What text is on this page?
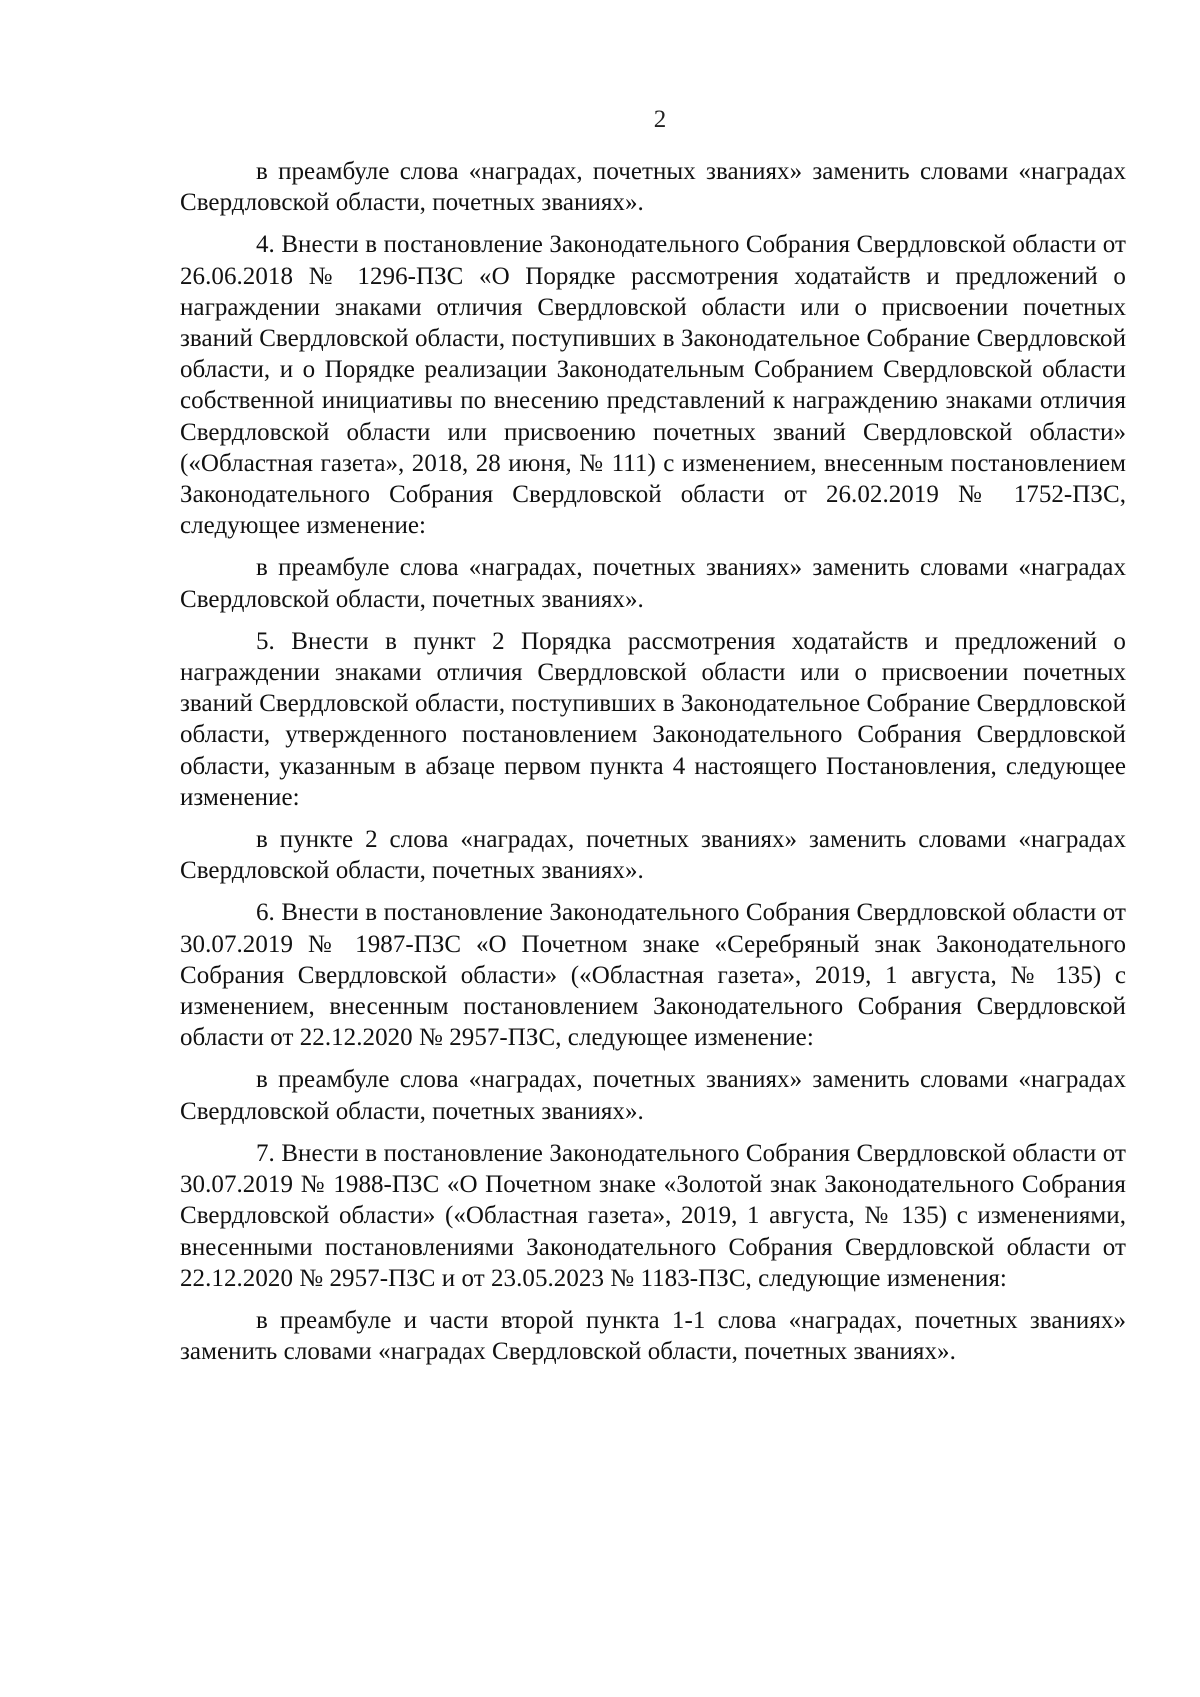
2

в преамбуле слова «наградах, почетных званиях» заменить словами «наградах Свердловской области, почетных званиях».

4. Внести в постановление Законодательного Собрания Свердловской области от 26.06.2018 № 1296-ПЗС «О Порядке рассмотрения ходатайств и предложений о награждении знаками отличия Свердловской области или о присвоении почетных званий Свердловской области, поступивших в Законодательное Собрание Свердловской области, и о Порядке реализации Законодательным Собранием Свердловской области собственной инициативы по внесению представлений к награждению знаками отличия Свердловской области или присвоению почетных званий Свердловской области» («Областная газета», 2018, 28 июня, № 111) с изменением, внесенным постановлением Законодательного Собрания Свердловской области от 26.02.2019 № 1752-ПЗС, следующее изменение:

в преамбуле слова «наградах, почетных званиях» заменить словами «наградах Свердловской области, почетных званиях».

5. Внести в пункт 2 Порядка рассмотрения ходатайств и предложений о награждении знаками отличия Свердловской области или о присвоении почетных званий Свердловской области, поступивших в Законодательное Собрание Свердловской области, утвержденного постановлением Законодательного Собрания Свердловской области, указанным в абзаце первом пункта 4 настоящего Постановления, следующее изменение:

в пункте 2 слова «наградах, почетных званиях» заменить словами «наградах Свердловской области, почетных званиях».

6. Внести в постановление Законодательного Собрания Свердловской области от 30.07.2019 № 1987-ПЗС «О Почетном знаке «Серебряный знак Законодательного Собрания Свердловской области» («Областная газета», 2019, 1 августа, № 135) с изменением, внесенным постановлением Законодательного Собрания Свердловской области от 22.12.2020 № 2957-ПЗС, следующее изменение:

в преамбуле слова «наградах, почетных званиях» заменить словами «наградах Свердловской области, почетных званиях».

7. Внести в постановление Законодательного Собрания Свердловской области от 30.07.2019 № 1988-ПЗС «О Почетном знаке «Золотой знак Законодательного Собрания Свердловской области» («Областная газета», 2019, 1 августа, № 135) с изменениями, внесенными постановлениями Законодательного Собрания Свердловской области от 22.12.2020 № 2957-ПЗС и от 23.05.2023 № 1183-ПЗС, следующие изменения:

в преамбуле и части второй пункта 1-1 слова «наградах, почетных званиях» заменить словами «наградах Свердловской области, почетных званиях».
